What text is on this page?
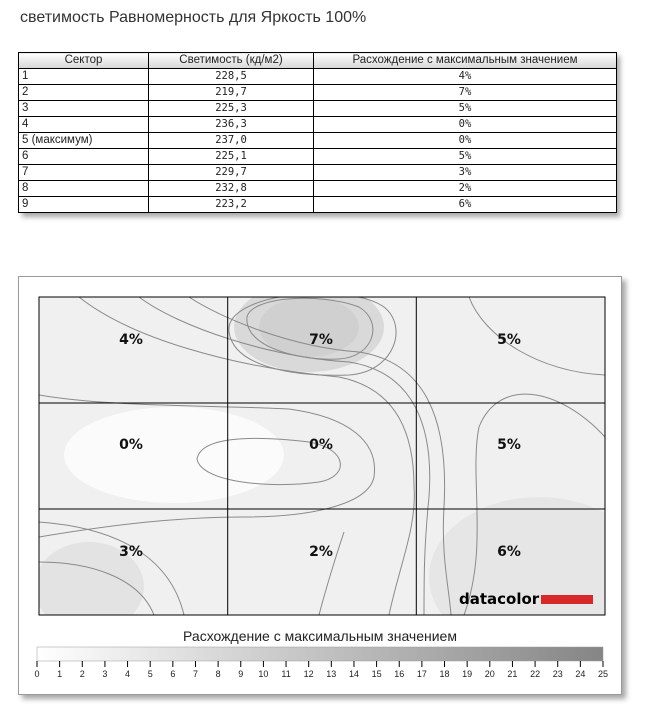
светимость Равномерность для Яркость 100%
Сектор	Светимость (кд/м2)	Расхождение с максимальным значением
1	228,5	4%
2	219,7	7%
3	225,3	5%
4	236,3	0%
5 (максимум)	237,0	0%
6	225,1	5%
7	229,7	3%
8	232,8	2%
9	223,2	6%
4%	7%	5%
0%	0%	5%
3%	2%	6%
datacolor
Расхождение с максимальным значением
0 1 2 3 4 5 6 7 8 9 10 11 12 13 14 15 16 17 18 19 20 21 22 23 24 25
